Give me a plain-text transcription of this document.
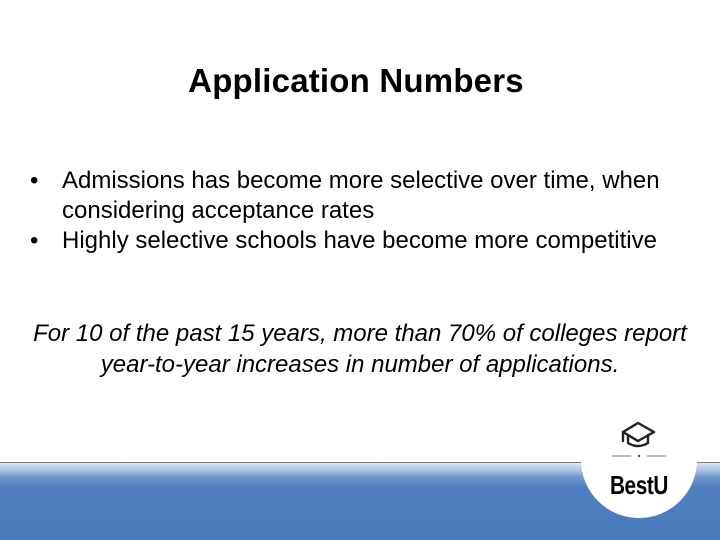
Application Numbers
• Admissions has become more selective over time, when considering acceptance rates
• Highly selective schools have become more competitive
For 10 of the past 15 years, more than 70% of colleges report year-to-year increases in number of applications.
BestU
